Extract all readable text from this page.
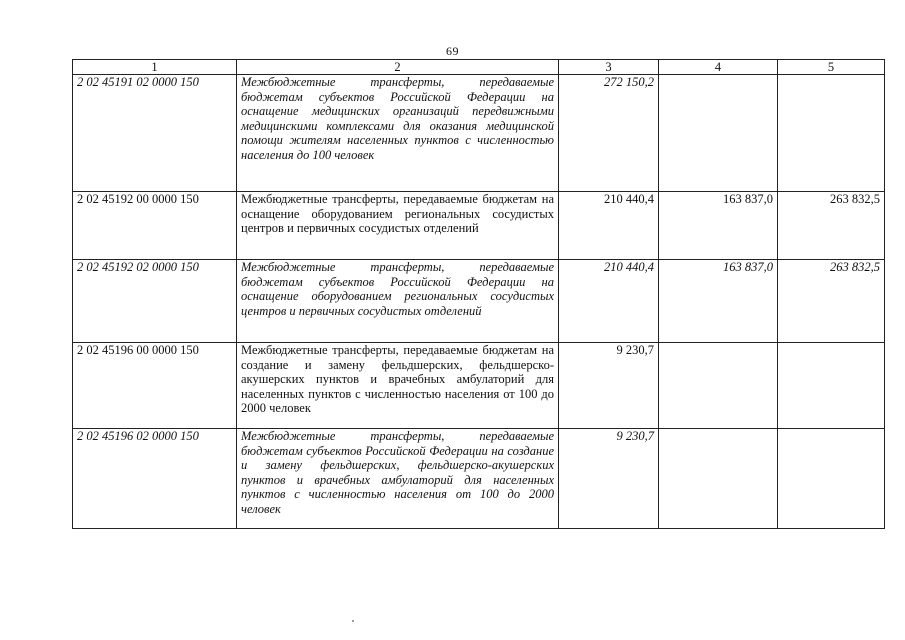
69
1	2	3	4	5
2 02 45191 02 0000 150	Межбюджетные трансферты, передаваемые бюджетам субъектов Российской Федерации на оснащение медицинских организаций передвижными медицинскими комплексами для оказания медицинской помощи жителям населенных пунктов с численностью населения до 100 человек	272 150,2		
2 02 45192 00 0000 150	Межбюджетные трансферты, передаваемые бюджетам на оснащение оборудованием региональных сосудистых центров и первичных сосудистых отделений	210 440,4	163 837,0	263 832,5
2 02 45192 02 0000 150	Межбюджетные трансферты, передаваемые бюджетам субъектов Российской Федерации на оснащение оборудованием региональных сосудистых центров и первичных сосудистых отделений	210 440,4	163 837,0	263 832,5
2 02 45196 00 0000 150	Межбюджетные трансферты, передаваемые бюджетам на создание и замену фельдшерских, фельдшерско-акушерских пунктов и врачебных амбулаторий для населенных пунктов с численностью населения от 100 до 2000 человек	9 230,7		
2 02 45196 02 0000 150	Межбюджетные трансферты, передаваемые бюджетам субъектов Российской Федерации на создание и замену фельдшерских, фельдшерско-акушерских пунктов и врачебных амбулаторий для населенных пунктов с численностью населения от 100 до 2000 человек	9 230,7		
